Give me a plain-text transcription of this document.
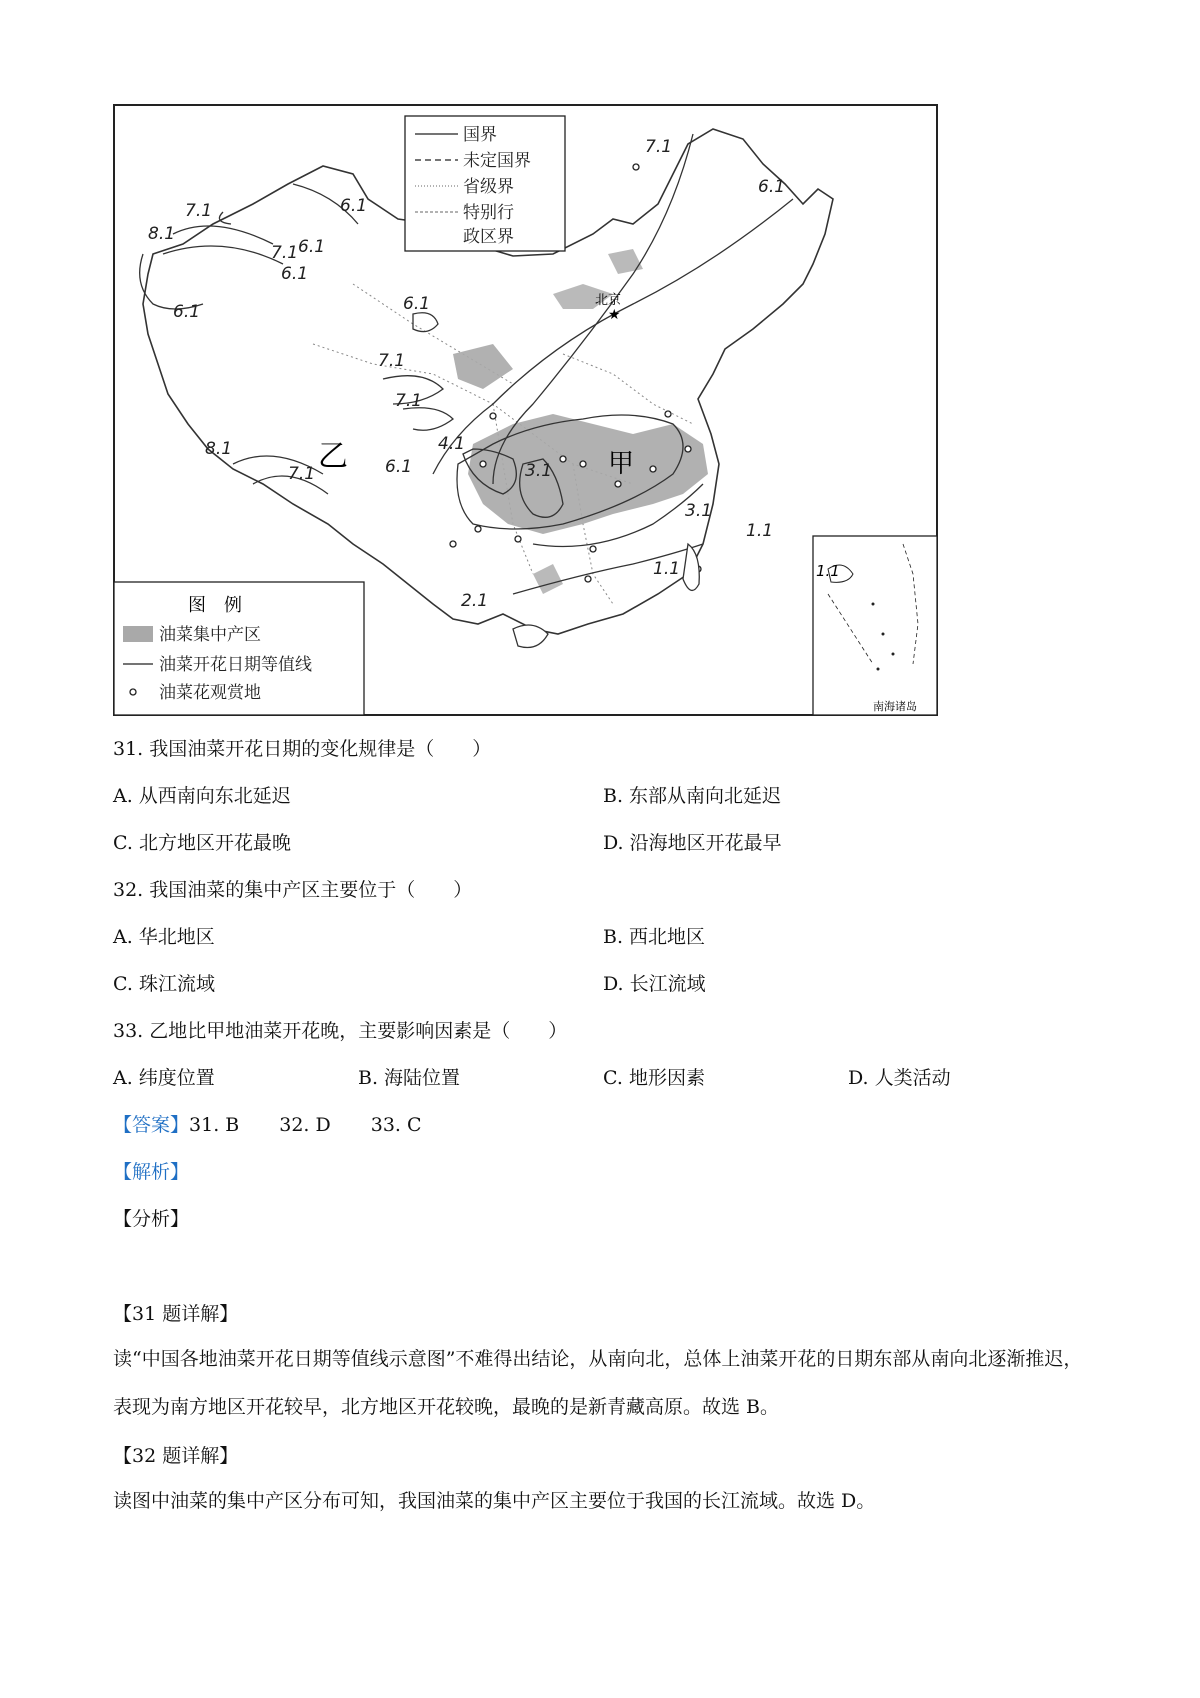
★
北京
7.1
6.1
8.1
7.1	6.1
7.1 6.1
6.1
6.1	6.1
7.1
7.1
8.1
7.1	6.1
4.1
3.1
3.1
1.1
2.1
1.1
乙	甲
国界
未定国界
省级界
特别行
政区界
图　例
油菜集中产区
油菜开花日期等值线
油菜花观赏地
1.1
南海诸岛
31. 我国油菜开花日期的变化规律是（　　）
A. 从西南向东北延迟	B. 东部从南向北延迟
C. 北方地区开花最晚	D. 沿海地区开花最早
32. 我国油菜的集中产区主要位于（　　）
A. 华北地区	B. 西北地区
C. 珠江流域	D. 长江流域
33. 乙地比甲地油菜开花晚，主要影响因素是（　　）
A. 纬度位置	B. 海陆位置	C. 地形因素	D. 人类活动
【答案】31. B 32. D 33. C
【解析】
【分析】
【31 题详解】
读“中国各地油菜开花日期等值线示意图”不难得出结论，从南向北，总体上油菜开花的日期东部从南向北逐渐推迟，表现为南方地区开花较早，北方地区开花较晚，最晚的是新青藏高原。故选 B。
【32 题详解】
读图中油菜的集中产区分布可知，我国油菜的集中产区主要位于我国的长江流域。故选 D。
